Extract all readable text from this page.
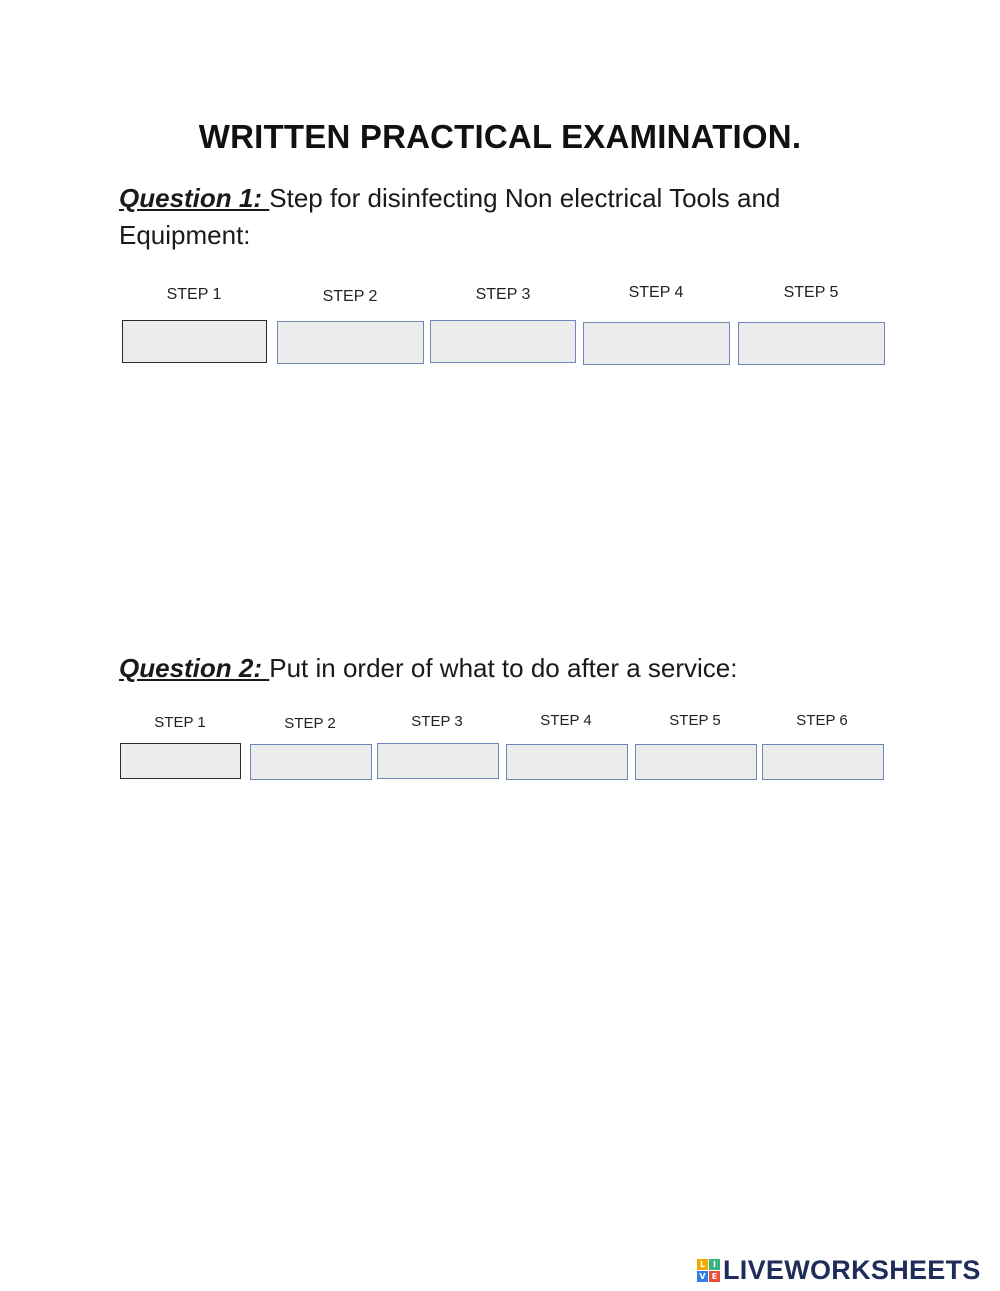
WRITTEN PRACTICAL EXAMINATION.
Question 1: Step for disinfecting Non electrical Tools and Equipment:
STEP 1	STEP 2	STEP 3	STEP 4	STEP 5
Question 2: Put in order of what to do after a service:
STEP 1	STEP 2	STEP 3	STEP 4	STEP 5	STEP 6
L I
V E LIVEWORKSHEETS
